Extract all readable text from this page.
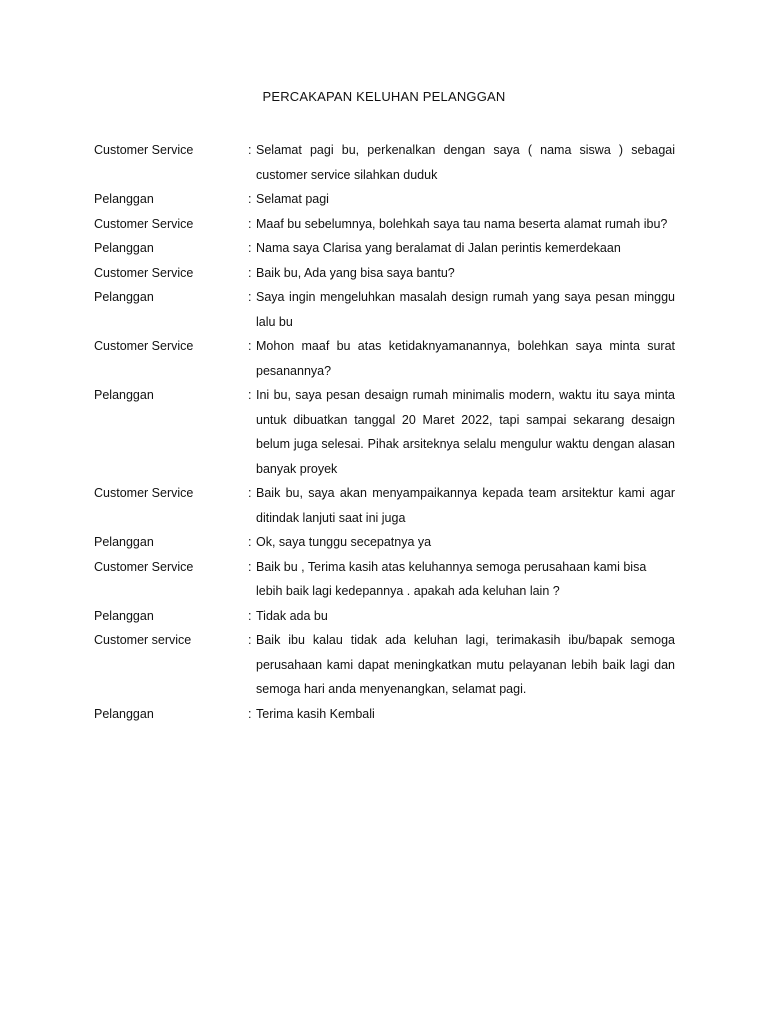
PERCAKAPAN KELUHAN PELANGGAN
Customer Service	: Selamat pagi bu, perkenalkan dengan saya ( nama siswa ) sebagai customer service silahkan duduk
Pelanggan	: Selamat pagi
Customer Service	: Maaf bu sebelumnya, bolehkah saya tau nama beserta alamat rumah ibu?
Pelanggan	: Nama saya Clarisa yang beralamat di Jalan perintis kemerdekaan
Customer Service	: Baik bu, Ada yang bisa saya bantu?
Pelanggan	: Saya ingin mengeluhkan masalah design rumah yang saya pesan minggu lalu bu
Customer Service	: Mohon maaf bu atas ketidaknyamanannya, bolehkan saya minta surat pesanannya?
Pelanggan	: Ini bu, saya pesan desaign rumah minimalis modern, waktu itu saya minta untuk dibuatkan tanggal 20 Maret 2022, tapi sampai sekarang desaign belum juga selesai. Pihak arsiteknya selalu mengulur waktu dengan alasan banyak proyek
Customer Service	: Baik bu, saya akan menyampaikannya kepada team arsitektur kami agar ditindak lanjuti saat ini juga
Pelanggan	: Ok, saya tunggu secepatnya ya
Customer Service	: Baik bu , Terima kasih atas keluhannya semoga perusahaan kami bisa lebih baik lagi kedepannya . apakah ada keluhan lain ?
Pelanggan	: Tidak ada bu
Customer service	: Baik ibu kalau tidak ada keluhan lagi, terimakasih ibu/bapak semoga perusahaan kami dapat meningkatkan mutu pelayanan lebih baik lagi dan semoga hari anda menyenangkan, selamat pagi.
Pelanggan	: Terima kasih Kembali
